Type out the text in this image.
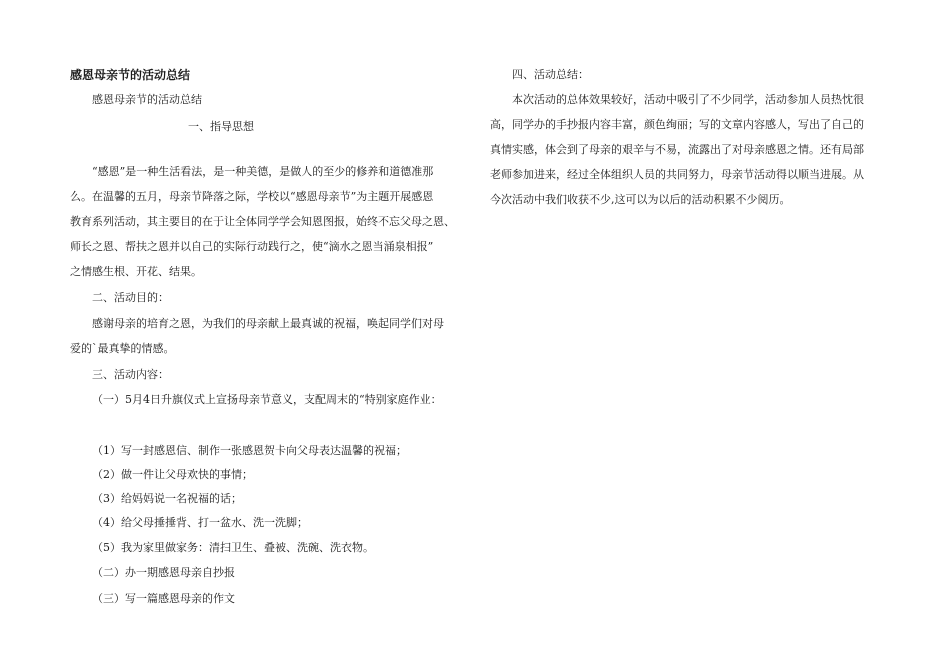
感恩母亲节的活动总结
感恩母亲节的活动总结
一、指导思想
“感恩”是一种生活看法，是一种美德，是做人的至少的修养和道德准那
么。在温馨的五月，母亲节降落之际，学校以“感恩母亲节”为主题开展感恩
教育系列活动，其主要目的在于让全体同学学会知恩图报，始终不忘父母之恩、
师长之恩、帮扶之恩并以自己的实际行动践行之，使“滴水之恩当涌泉相报”
之情感生根、开花、结果。
二、活动目的：
感谢母亲的培育之恩，为我们的母亲献上最真诚的祝福，唤起同学们对母
爱的`最真挚的情感。
三、活动内容：
（一）5月4日升旗仪式上宣扬母亲节意义，支配周末的“特别家庭作业：
（1）写一封感恩信、制作一张感恩贺卡向父母表达温馨的祝福；
（2）做一件让父母欢快的事情；
（3）给妈妈说一名祝福的话；
（4）给父母捶捶背、打一盆水、洗一洗脚；
（5）我为家里做家务：清扫卫生、叠被、洗碗、洗衣物。
（二）办一期感恩母亲自抄报
（三）写一篇感恩母亲的作文
四、活动总结：
本次活动的总体效果较好，活动中吸引了不少同学，活动参加人员热忱很
高，同学办的手抄报内容丰富，颜色绚丽；写的文章内容感人，写出了自己的
真情实感，体会到了母亲的艰辛与不易，流露出了对母亲感恩之情。还有局部
老师参加进来，经过全体组织人员的共同努力，母亲节活动得以顺当进展。从
今次活动中我们收获不少,这可以为以后的活动积累不少阅历。
